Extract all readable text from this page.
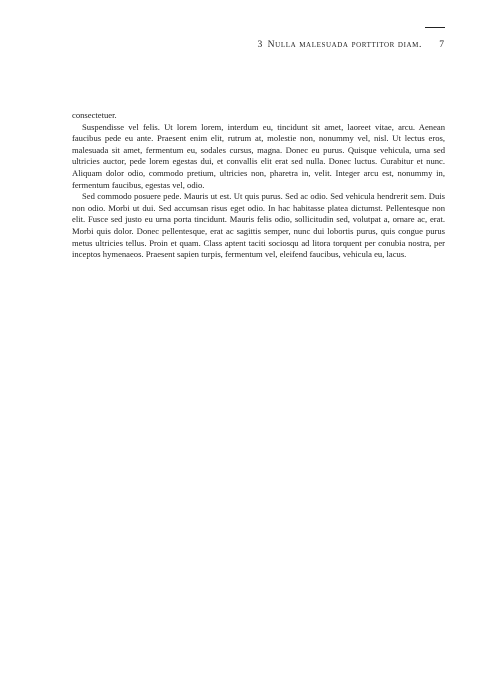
3 Nulla malesuada porttitor diam. 7

consectetuer.

Suspendisse vel felis. Ut lorem lorem, interdum eu, tincidunt sit amet, laoreet vitae, arcu. Aenean faucibus pede eu ante. Praesent enim elit, rutrum at, molestie non, nonummy vel, nisl. Ut lectus eros, malesuada sit amet, fermentum eu, sodales cursus, magna. Donec eu purus. Quisque vehicula, urna sed ultricies auctor, pede lorem egestas dui, et convallis elit erat sed nulla. Donec luctus. Curabitur et nunc. Aliquam dolor odio, commodo pretium, ultricies non, pharetra in, velit. Integer arcu est, nonummy in, fermentum faucibus, egestas vel, odio.

Sed commodo posuere pede. Mauris ut est. Ut quis purus. Sed ac odio. Sed vehicula hendrerit sem. Duis non odio. Morbi ut dui. Sed accumsan risus eget odio. In hac habitasse platea dictumst. Pellentesque non elit. Fusce sed justo eu urna porta tincidunt. Mauris felis odio, sollicitudin sed, volutpat a, ornare ac, erat. Morbi quis dolor. Donec pellentesque, erat ac sagittis semper, nunc dui lobortis purus, quis congue purus metus ultricies tellus. Proin et quam. Class aptent taciti sociosqu ad litora torquent per conubia nostra, per inceptos hymenaeos. Praesent sapien turpis, fermentum vel, eleifend faucibus, vehicula eu, lacus.
